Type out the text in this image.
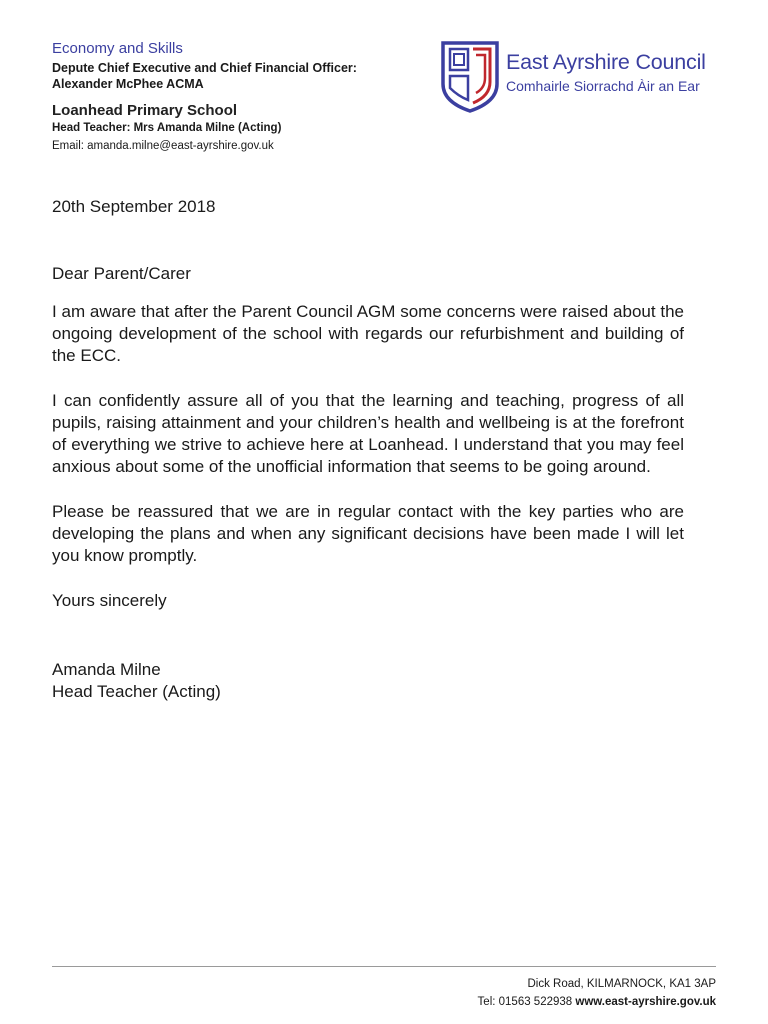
Economy and Skills

Depute Chief Executive and Chief Financial Officer:

Alexander McPhee ACMA

Loanhead Primary School

Head Teacher: Mrs Amanda Milne (Acting)

Email: amanda.milne@east-ayrshire.gov.uk

East Ayrshire Council
Comhairle Siorrachd Àir an Ear

20th September 2018

Dear Parent/Carer

I am aware that after the Parent Council AGM some concerns were raised about the ongoing development of the school with regards our refurbishment and building of the ECC.

I can confidently assure all of you that the learning and teaching, progress of all pupils, raising attainment and your children’s health and wellbeing is at the forefront of everything we strive to achieve here at Loanhead. I understand that you may feel anxious about some of the unofficial information that seems to be going around.

Please be reassured that we are in regular contact with the key parties who are developing the plans and when any significant decisions have been made I will let you know promptly.

Yours sincerely

Amanda Milne

Head Teacher (Acting)

Dick Road, KILMARNOCK, KA1 3AP
Tel: 01563 522938 www.east-ayrshire.gov.uk
